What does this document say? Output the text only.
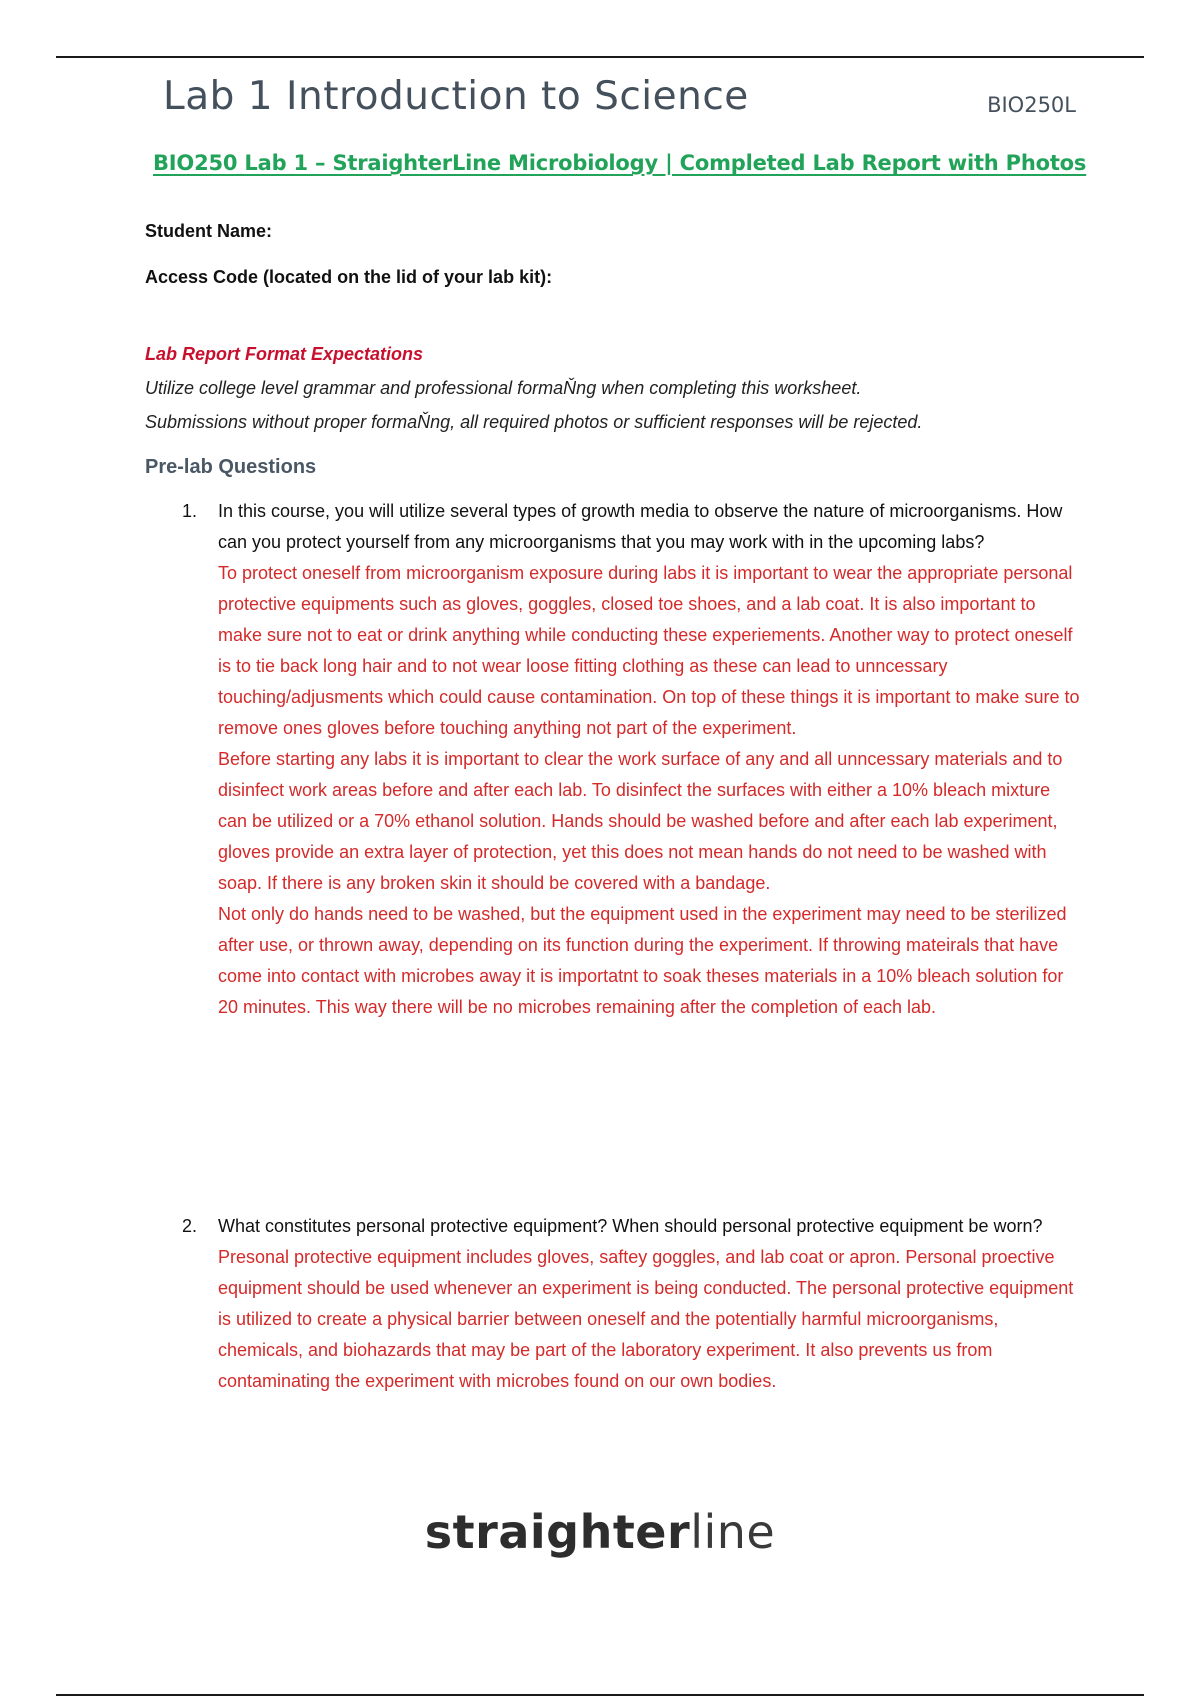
Lab 1 Introduction to Science	BIO250L
BIO250 Lab 1 – StraighterLine Microbiology | Completed Lab Report with Photos
Student Name:
Access Code (located on the lid of your lab kit):
Lab Report Format Expectations
Utilize college level grammar and professional formaŇng when completing this worksheet.
Submissions without proper formaŇng, all required photos or sufficient responses will be rejected.
Pre-lab Questions
1. In this course, you will utilize several types of growth media to observe the nature of microorganisms. How can you protect yourself from any microorganisms that you may work with in the upcoming labs?

To protect oneself from microorganism exposure during labs it is important to wear the appropriate personal protective equipments such as gloves, goggles, closed toe shoes, and a lab coat. It is also important to make sure not to eat or drink anything while conducting these experiements. Another way to protect oneself is to tie back long hair and to not wear loose fitting clothing as these can lead to unncessary touching/adjusments which could cause contamination. On top of these things it is important to make sure to remove ones gloves before touching anything not part of the experiment.

Before starting any labs it is important to clear the work surface of any and all unncessary materials and to disinfect work areas before and after each lab. To disinfect the surfaces with either a 10% bleach mixture can be utilized or a 70% ethanol solution. Hands should be washed before and after each lab experiment, gloves provide an extra layer of protection, yet this does not mean hands do not need to be washed with soap. If there is any broken skin it should be covered with a bandage.

Not only do hands need to be washed, but the equipment used in the experiment may need to be sterilized after use, or thrown away, depending on its function during the experiment. If throwing mateirals that have come into contact with microbes away it is importatnt to soak theses materials in a 10% bleach solution for 20 minutes. This way there will be no microbes remaining after the completion of each lab.

2. What constitutes personal protective equipment? When should personal protective equipment be worn?

Presonal protective equipment includes gloves, saftey goggles, and lab coat or apron. Personal proective equipment should be used whenever an experiment is being conducted. The personal protective equipment is utilized to create a physical barrier between oneself and the potentially harmful microorganisms, chemicals, and biohazards that may be part of the laboratory experiment. It also prevents us from contaminating the experiment with microbes found on our own bodies.

straighterline
